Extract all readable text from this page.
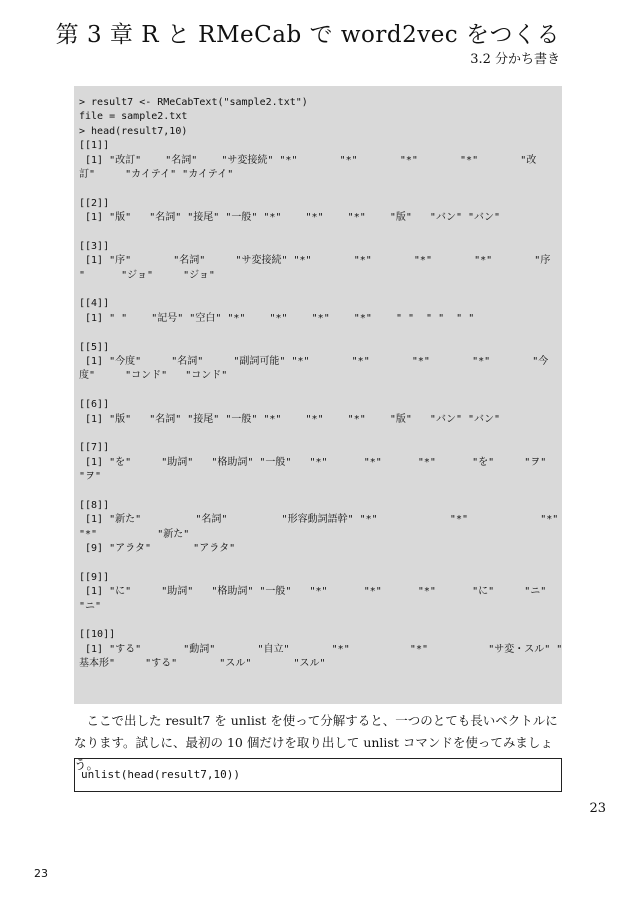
第 3 章 R と RMeCab で word2vec をつくる
3.2 分かち書き
> result7 <- RMeCabText("sample2.txt")
file = sample2.txt
> head(result7,10)
[[1]]
[1] "改訂"    "名詞"    "サ変接続" "*"       "*"       "*"       "*"       "改
訂"     "カイテイ" "カイテイ"
[[2]]
[1] "版"   "名詞" "接尾" "一般" "*"    "*"    "*"    "版"   "バン" "バン"
[[3]]
[1] "序"       "名詞"     "サ変接続" "*"       "*"       "*"       "*"       "序
"      "ジョ"     "ジョ"
[[4]]
[1] " "    "記号" "空白" "*"    "*"    "*"    "*"    " "  " "  " "
[[5]]
[1] "今度"     "名詞"     "副詞可能" "*"       "*"       "*"       "*"       "今
度"     "コンド"   "コンド"
[[6]]
[1] "版"   "名詞" "接尾" "一般" "*"    "*"    "*"    "版"   "バン" "バン"
[[7]]
[1] "を"     "助詞"   "格助詞" "一般"   "*"      "*"      "*"      "を"     "ヲ"
"ヲ"
[[8]]
[1] "新た"         "名詞"         "形容動詞語幹" "*"            "*"            "*"
"*"          "新た"
[9] "アラタ"       "アラタ"
[[9]]
[1] "に"     "助詞"   "格助詞" "一般"   "*"      "*"      "*"      "に"     "ニ"
"ニ"
[[10]]
[1] "する"       "動詞"       "自立"       "*"          "*"          "サ変・スル" "
基本形"     "する"       "スル"       "スル"

ここで出した result7 を unlist を使って分解すると、一つのとても長いベクトルになります。試しに、最初の 10 個だけを取り出して unlist コマンドを使ってみましょう。

unlist(head(result7,10))
23
23
